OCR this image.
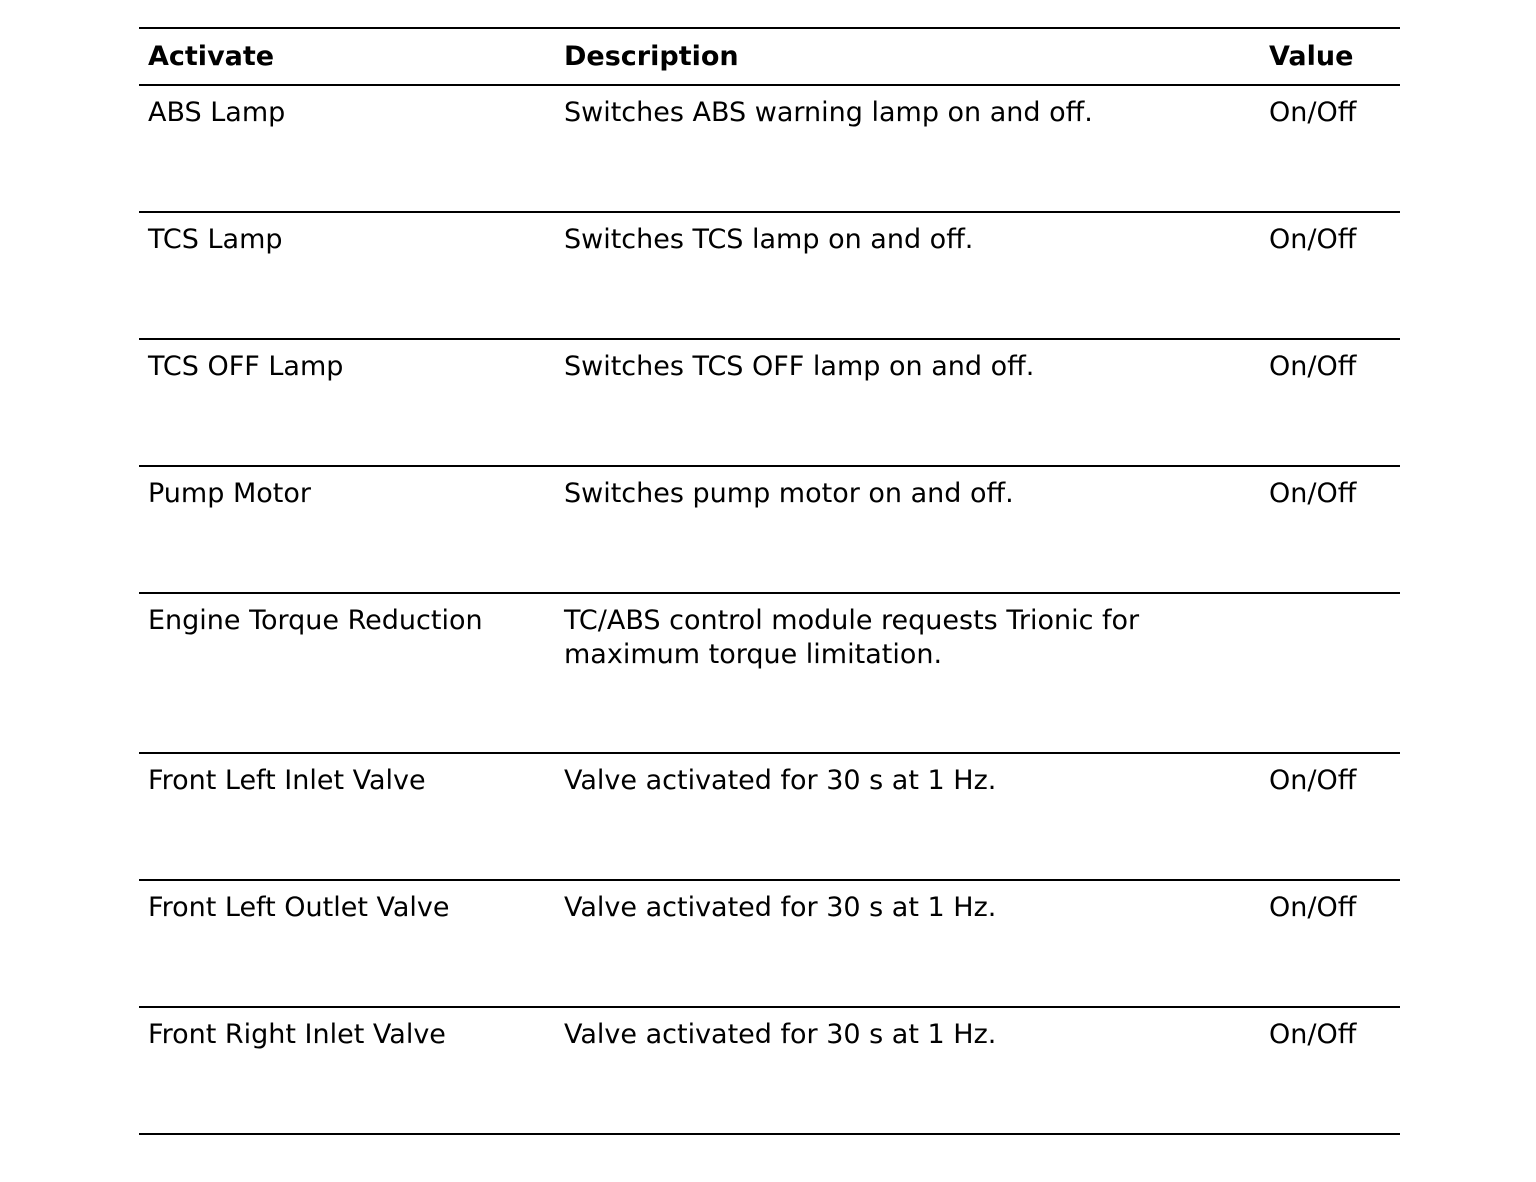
Activate	Description	Value
ABS Lamp	Switches ABS warning lamp on and off.	On/Off
TCS Lamp	Switches TCS lamp on and off.	On/Off
TCS OFF Lamp	Switches TCS OFF lamp on and off.	On/Off
Pump Motor	Switches pump motor on and off.	On/Off
Engine Torque Reduction	TC/ABS control module requests Trionic for
maximum torque limitation.
Front Left Inlet Valve	Valve activated for 30 s at 1 Hz.	On/Off
Front Left Outlet Valve	Valve activated for 30 s at 1 Hz.	On/Off
Front Right Inlet Valve	Valve activated for 30 s at 1 Hz.	On/Off
